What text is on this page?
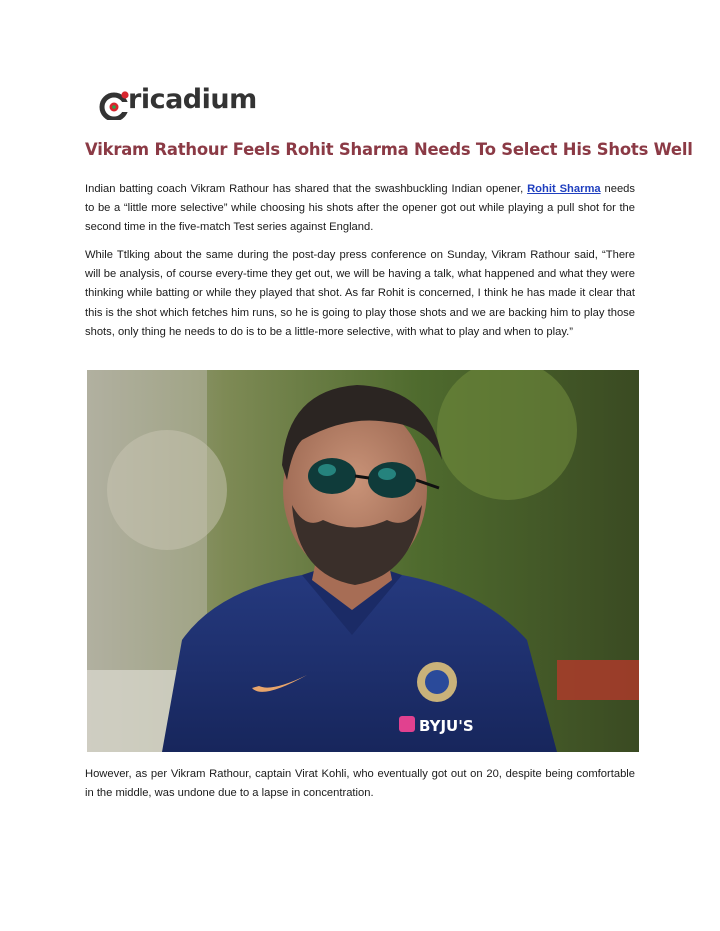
ricadium
Vikram Rathour Feels Rohit Sharma Needs To Select His Shots Well

Indian batting coach Vikram Rathour has shared that the swashbuckling Indian opener, Rohit Sharma needs to be a “little more selective” while choosing his shots after the opener got out while playing a pull shot for the second time in the five-match Test series against England.

While Ttlking about the same during the post-day press conference on Sunday, Vikram Rathour said, “There will be analysis, of course every-time they get out, we will be having a talk, what happened and what they were thinking while batting or while they played that shot. As far Rohit is concerned, I think he has made it clear that this is the shot which fetches him runs, so he is going to play those shots and we are backing him to play those shots, only thing he needs to do is to be a little-more selective, with what to play and when to play.”

BYJU'S

However, as per Vikram Rathour, captain Virat Kohli, who eventually got out on 20, despite being comfortable in the middle, was undone due to a lapse in concentration.
